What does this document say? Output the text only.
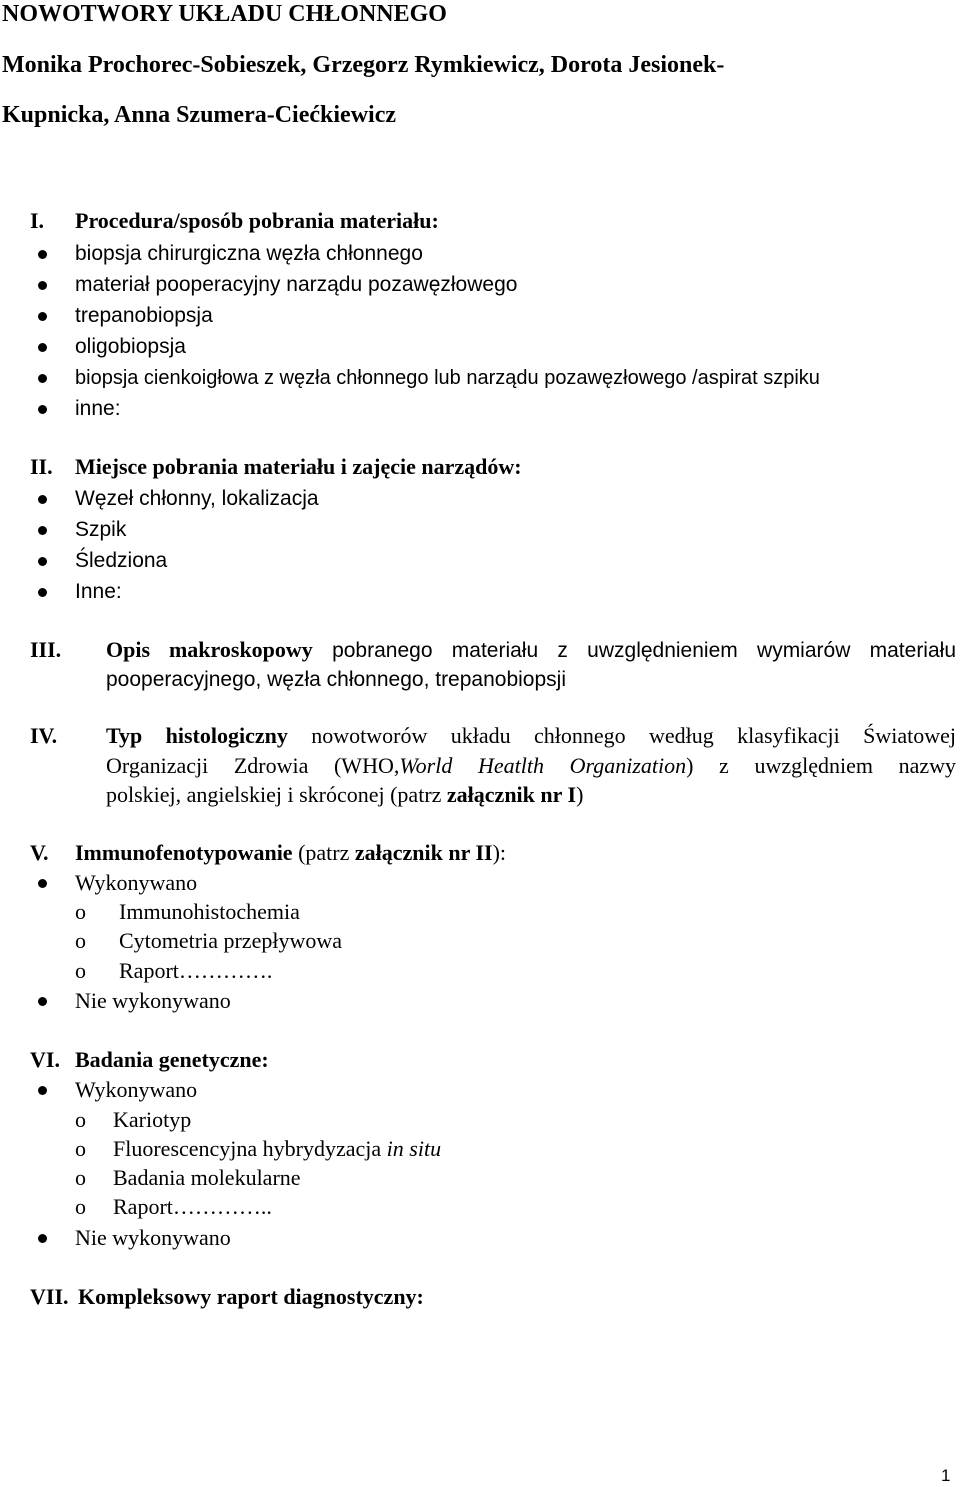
NOWOTWORY UKŁADU CHŁONNEGO
Monika Prochorec-Sobieszek, Grzegorz Rymkiewicz, Dorota Jesionek-
Kupnicka, Anna Szumera-Ciećkiewicz
I. Procedura/sposób pobrania materiału:
biopsja chirurgiczna węzła chłonnego
materiał pooperacyjny narządu pozawęzłowego
trepanobiopsja
oligobiopsja
biopsja cienkoigłowa z węzła chłonnego lub narządu pozawęzłowego /aspirat szpiku
inne:
II. Miejsce pobrania materiału i zajęcie narządów:
Węzeł chłonny, lokalizacja
Szpik
Śledziona
Inne:
III. Opis makroskopowy pobranego materiału z uwzględnieniem wymiarów materiału
pooperacyjnego, węzła chłonnego, trepanobiopsji
IV. Typ histologiczny nowotworów układu chłonnego według klasyfikacji Światowej
Organizacji Zdrowia (WHO,World Heatlth Organization) z uwzględniem nazwy
polskiej, angielskiej i skróconej (patrz załącznik nr I)
V. Immunofenotypowanie (patrz załącznik nr II):
Wykonywano
o Immunohistochemia
o Cytometria przepływowa
o Raport………….
Nie wykonywano
VI. Badania genetyczne:
Wykonywano
o Kariotyp
o Fluorescencyjna hybrydyzacja in situ
o Badania molekularne
o Raport…………..
Nie wykonywano
VII. Kompleksowy raport diagnostyczny:
1
